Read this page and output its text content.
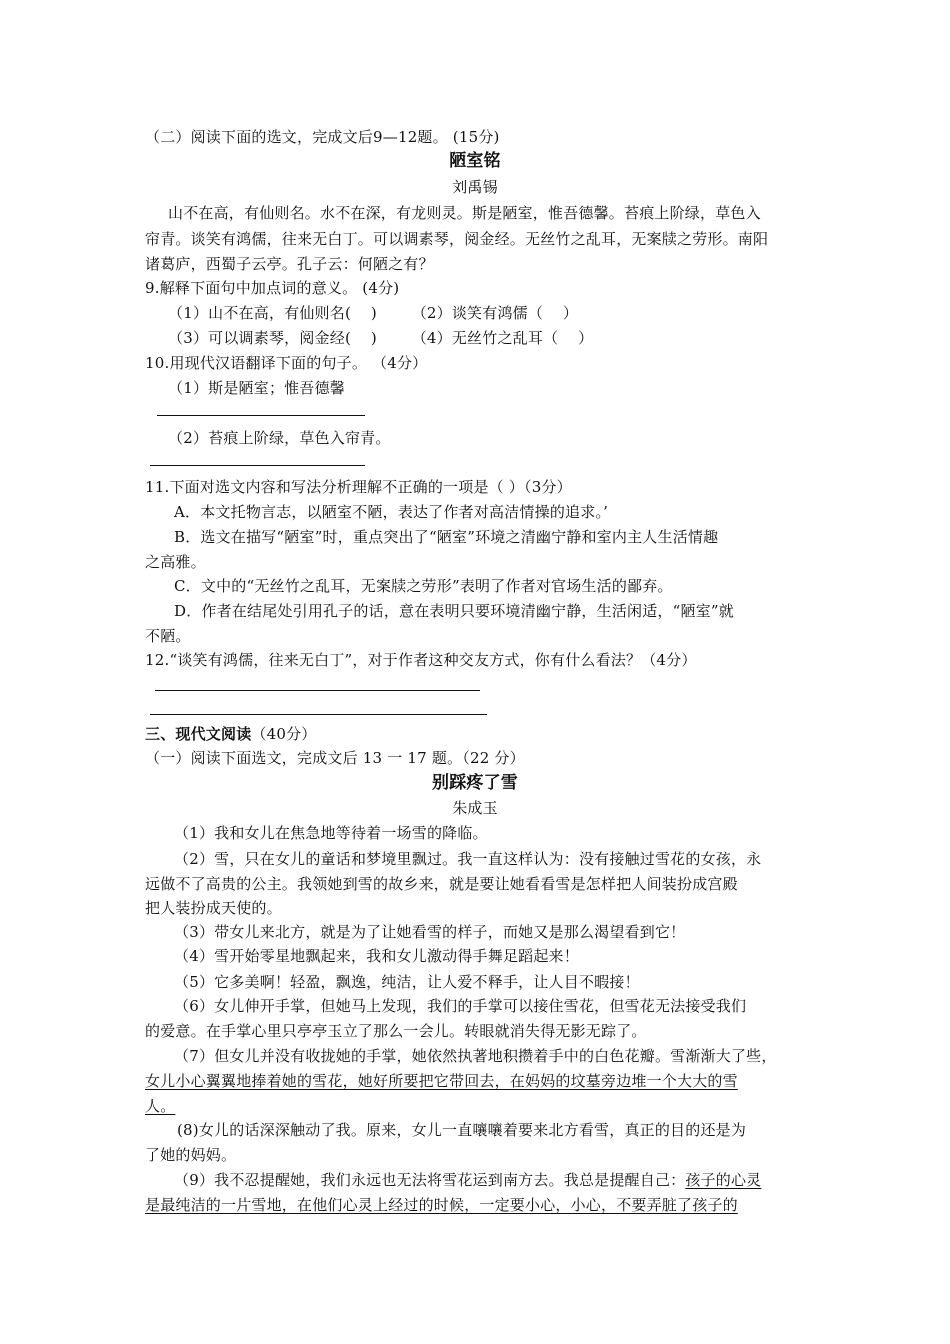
（二）阅读下面的选文，完成文后9—12题。 (15分)
陋室铭
刘禹锡
山不在高，有仙则名。水不在深，有龙则灵。斯是陋室，惟吾德馨。苔痕上阶绿，草色入
帘青。谈笑有鸿儒，往来无白丁。可以调素琴，阅金经。无丝竹之乱耳，无案牍之劳形。南阳
诸葛庐，西蜀子云亭。孔子云：何陋之有？
9.解释下面句中加点词的意义。 (4分)
（1）山不在高，有仙则名(    )       （2）谈笑有鸿儒（    ）
（3）可以调素琴，阅金经(    )       （4）无丝竹之乱耳（    ）
10.用现代汉语翻译下面的句子。 （4分）
（1）斯是陋室；惟吾德馨
（2）苔痕上阶绿，草色入帘青。
11.下面对选文内容和写法分析理解不正确的一项是（ ）（3分）
A．本文托物言志，以陋室不陋，表达了作者对高洁情操的追求。’
B．选文在描写“陋室”时，重点突出了“陋室”环境之清幽宁静和室内主人生活情趣
之高雅。
C．文中的“无丝竹之乱耳，无案牍之劳形”表明了作者对官场生活的鄙弃。
D．作者在结尾处引用孔子的话，意在表明只要环境清幽宁静，生活闲适，“陋室”就
不陋。
12.“谈笑有鸿儒，往来无白丁”，对于作者这种交友方式，你有什么看法？（4分）
三、现代文阅读（40分）
（一）阅读下面选文，完成文后 13 一 17 题。（22 分）
别踩疼了雪
朱成玉
（1）我和女儿在焦急地等待着一场雪的降临。
（2）雪，只在女儿的童话和梦境里飘过。我一直这样认为：没有接触过雪花的女孩，永
远做不了高贵的公主。我领她到雪的故乡来，就是要让她看看雪是怎样把人间装扮成宫殿
把人装扮成天使的。
（3）带女儿来北方，就是为了让她看雪的样子，而她又是那么渴望看到它！
（4）雪开始零星地飘起来，我和女儿激动得手舞足蹈起来！
（5）它多美啊！轻盈，飘逸，纯洁，让人爱不释手，让人目不暇接！
（6）女儿伸开手掌，但她马上发现，我们的手掌可以接住雪花，但雪花无法接受我们
的爱意。在手掌心里只亭亭玉立了那么一会儿。转眼就消失得无影无踪了。
（7）但女儿并没有收拢她的手掌，她依然执著地积攒着手中的白色花瓣。雪渐渐大了些，
女儿小心翼翼地捧着她的雪花，她好所要把它带回去，在妈妈的坟墓旁边堆一个大大的雪
人。
(8)女儿的话深深触动了我。原来，女儿一直嚷嚷着要来北方看雪，真正的目的还是为
了她的妈妈。
（9）我不忍提醒她，我们永远也无法将雪花运到南方去。我总是提醒自己：孩子的心灵
是最纯洁的一片雪地，在他们心灵上经过的时候，一定要小心，小心，不要弄脏了孩子的
